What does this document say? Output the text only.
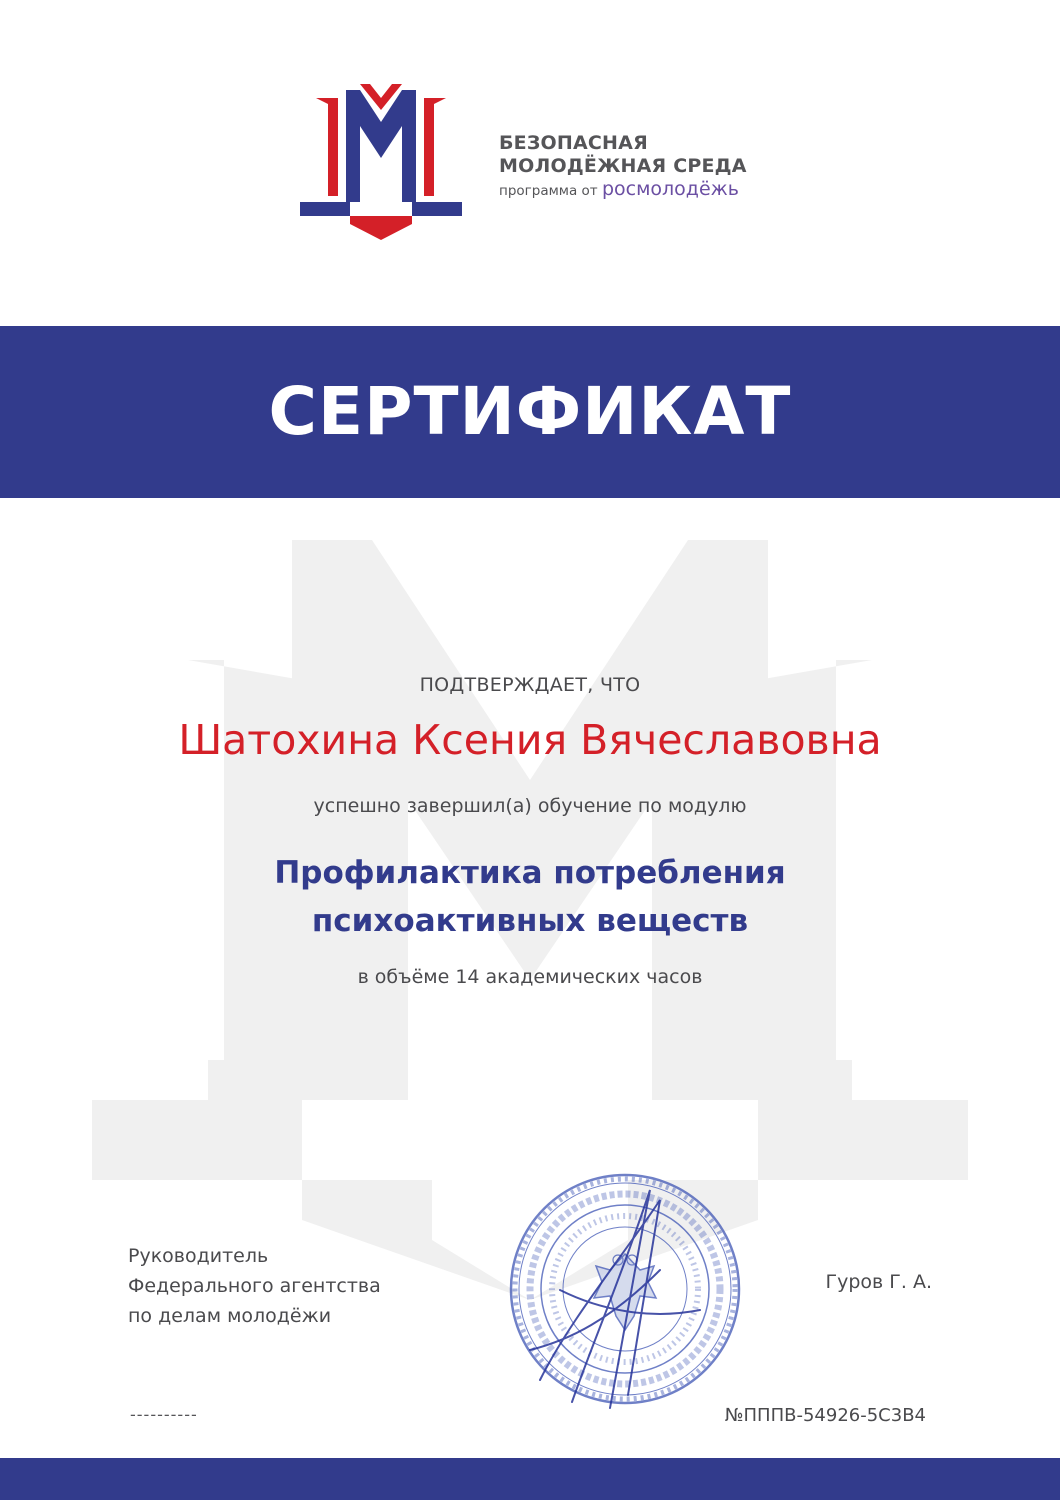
БЕЗОПАСНАЯ
МОЛОДЁЖНАЯ СРЕДА
программа от росмолодёжь
СЕРТИФИКАТ
ПОДТВЕРЖДАЕТ, ЧТО
Шатохина Ксения Вячеславовна
успешно завершил(а) обучение по модулю
Профилактика потребления
психоактивных веществ
в объёме 14 академических часов
Руководитель
Федерального агентства
по делам молодёжи
Гуров Г. А.
----------	№ПППВ-54926-5C3B4
